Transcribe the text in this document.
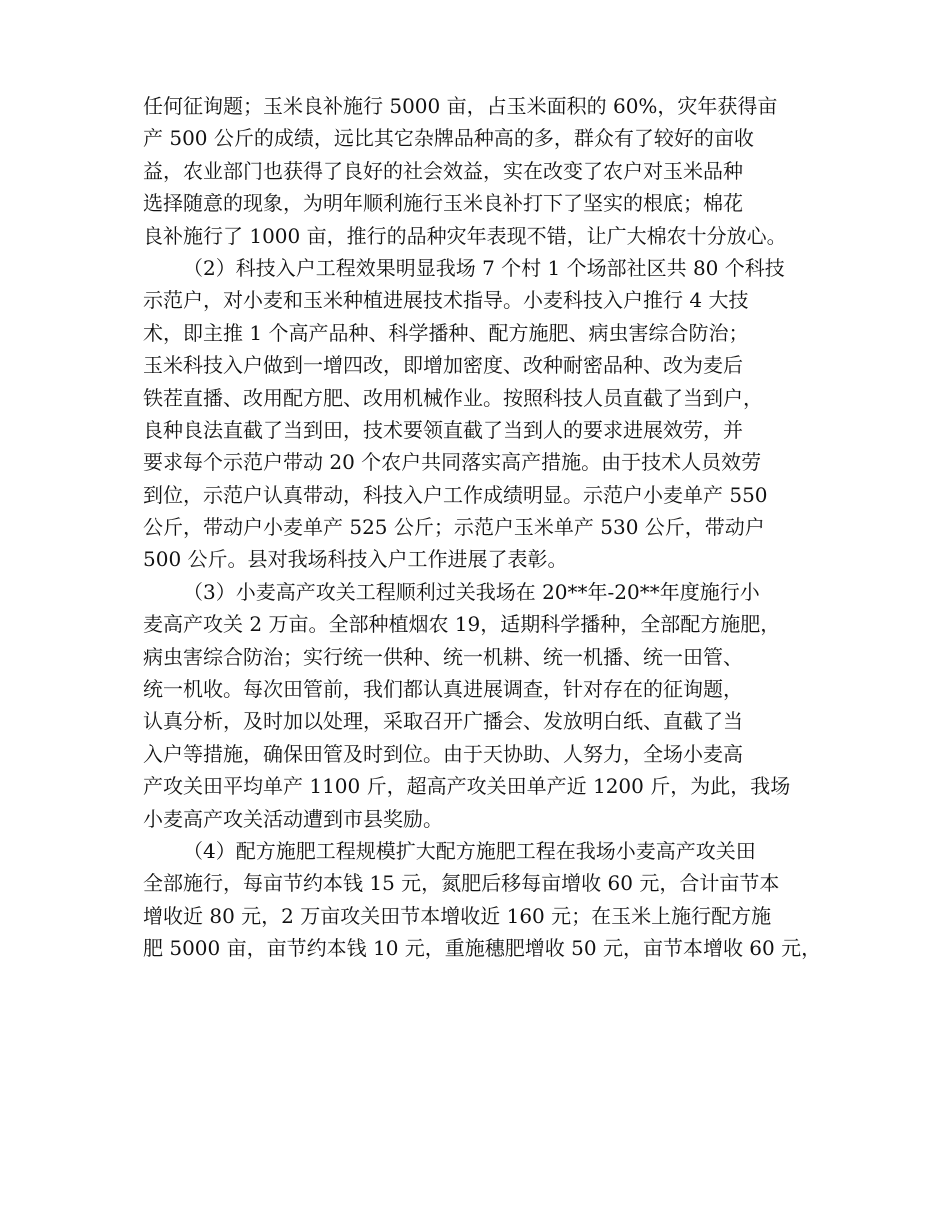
任何征询题；玉米良补施行 5000 亩，占玉米面积的 60%，灾年获得亩
产 500 公斤的成绩，远比其它杂牌品种高的多，群众有了较好的亩收
益，农业部门也获得了良好的社会效益，实在改变了农户对玉米品种
选择随意的现象，为明年顺利施行玉米良补打下了坚实的根底；棉花
良补施行了 1000 亩，推行的品种灾年表现不错，让广大棉农十分放心。
（2）科技入户工程效果明显我场 7 个村 1 个场部社区共 80 个科技
示范户，对小麦和玉米种植进展技术指导。小麦科技入户推行 4 大技
术，即主推 1 个高产品种、科学播种、配方施肥、病虫害综合防治；
玉米科技入户做到一增四改，即增加密度、改种耐密品种、改为麦后
铁茬直播、改用配方肥、改用机械作业。按照科技人员直截了当到户，
良种良法直截了当到田，技术要领直截了当到人的要求进展效劳，并
要求每个示范户带动 20 个农户共同落实高产措施。由于技术人员效劳
到位，示范户认真带动，科技入户工作成绩明显。示范户小麦单产 550
公斤，带动户小麦单产 525 公斤；示范户玉米单产 530 公斤，带动户
500 公斤。县对我场科技入户工作进展了表彰。
（3）小麦高产攻关工程顺利过关我场在 20**年-20**年度施行小
麦高产攻关 2 万亩。全部种植烟农 19，适期科学播种，全部配方施肥，
病虫害综合防治；实行统一供种、统一机耕、统一机播、统一田管、
统一机收。每次田管前，我们都认真进展调查，针对存在的征询题，
认真分析，及时加以处理，采取召开广播会、发放明白纸、直截了当
入户等措施，确保田管及时到位。由于天协助、人努力，全场小麦高
产攻关田平均单产 1100 斤，超高产攻关田单产近 1200 斤，为此，我场
小麦高产攻关活动遭到市县奖励。
（4）配方施肥工程规模扩大配方施肥工程在我场小麦高产攻关田
全部施行，每亩节约本钱 15 元，氮肥后移每亩增收 60 元，合计亩节本
增收近 80 元，2 万亩攻关田节本增收近 160 元；在玉米上施行配方施
肥 5000 亩，亩节约本钱 10 元，重施穗肥增收 50 元，亩节本增收 60 元，
